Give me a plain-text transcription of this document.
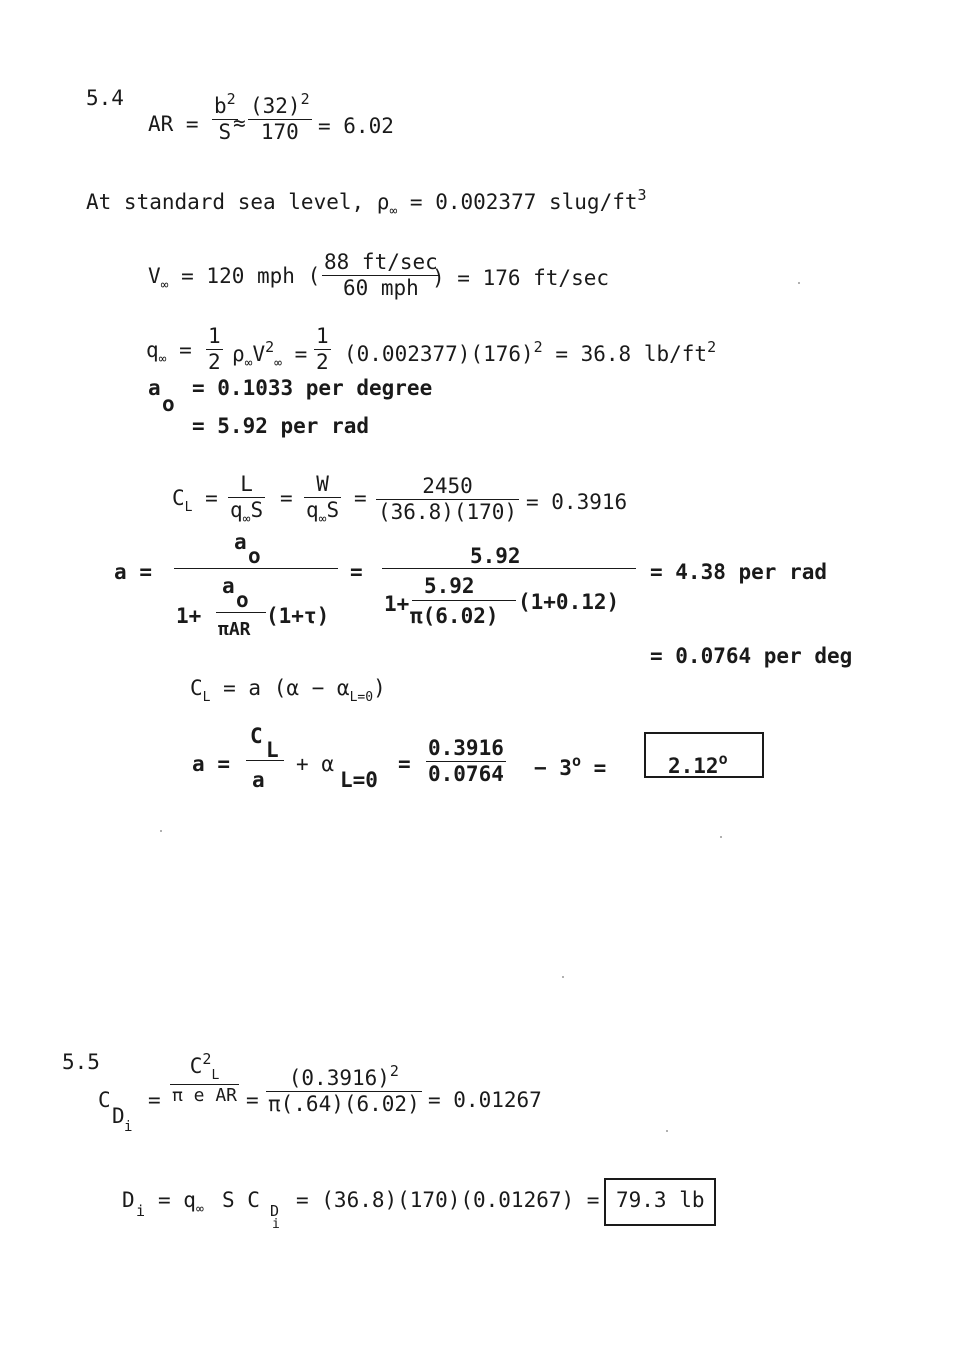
5.4
AR =
$b^2$
S ≈
$(32)^2$
170 = 6.02
At standard sea level, $\rho_\infty = 0.002377$ slug/$ft^3$
$V_\infty = 120$ mph (
88 ft/sec
60 mph ) = 176 ft/sec
$q_\infty$ =
1
2 $\rho_\infty V^2_\infty$ =
1
2 $(0.002377)(176)^2 = 36.8$ $lb/ft^2$
a
o
= 0.1033 per degree
= 5.92 per rad
$C_L$ =
L
$q_\infty S$ =
W
$q_\infty S$ =	2450
(36.8)(170) = 0.3916
a =
a
o
1+
a
o
πAR
(1+τ)
=
5.92
1+
5.92
π(6.02)
(1+0.12)
= 4.38 per rad
= 0.0764 per deg
$C_L = a$ $(\alpha - \alpha_{L=0})$
a =
C
L
a
+ α
L=0
=
0.3916
$0.0764 - 3^o$ =	$2.12^o$
5.5
C
D i
=
$C^2_L$
π e AR =
$(0.3916)^2$
π(.64)(6.02) = 0.01267
D $i = q_\infty$ S C D
i
= (36.8)(170)(0.01267) = 79.3 lb
